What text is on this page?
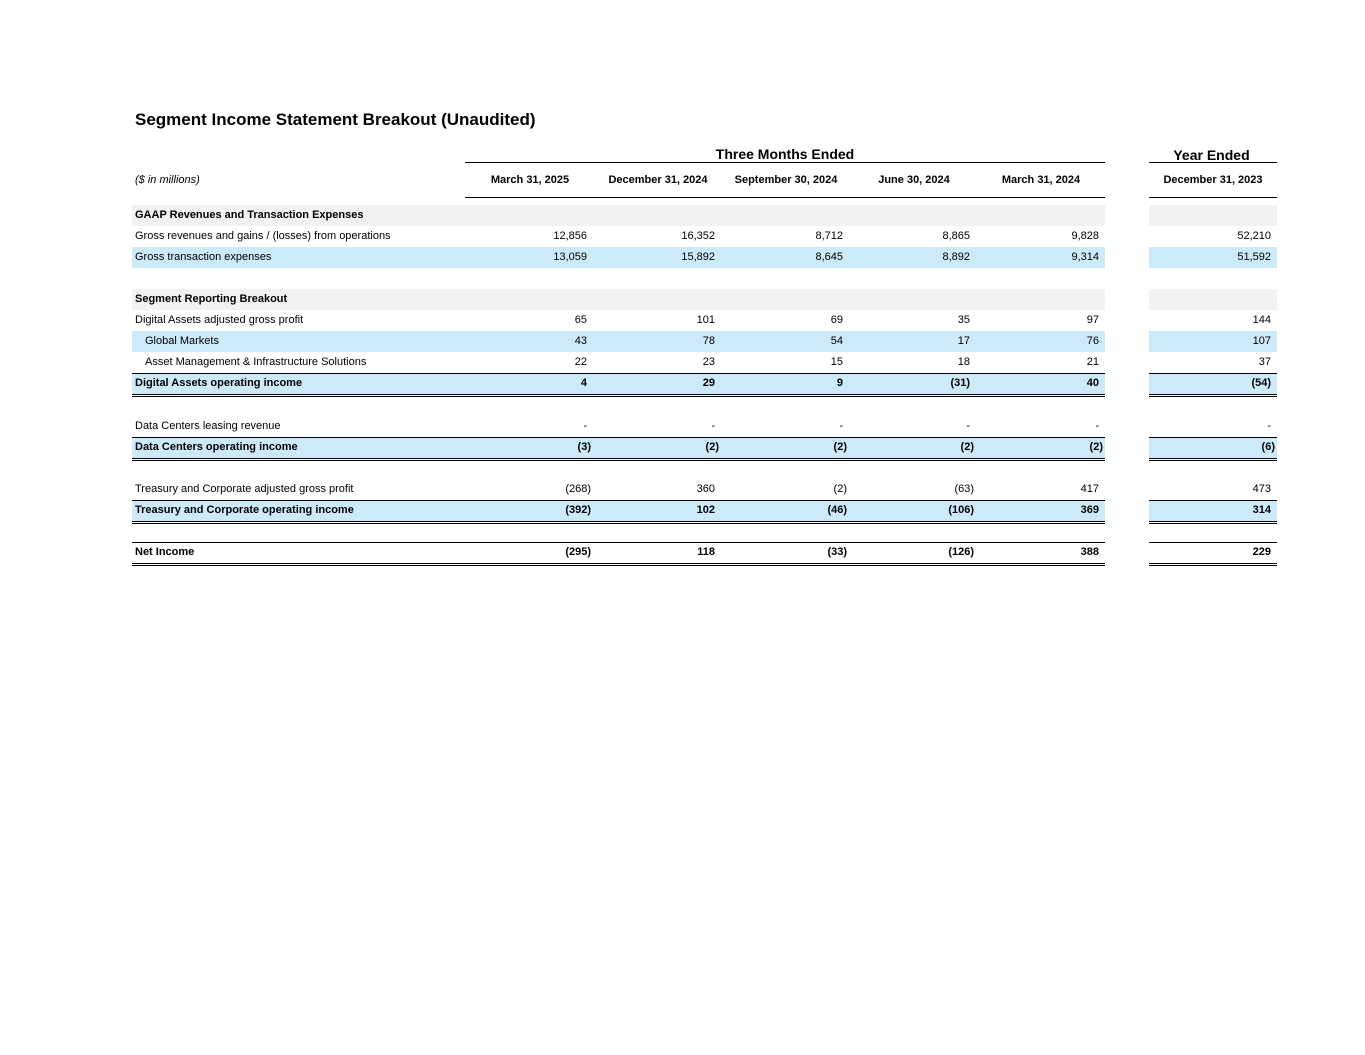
Segment Income Statement Breakout (Unaudited)
Three Months Ended	Year Ended
($ in millions)	March 31, 2025	December 31, 2024	September 30, 2024	June 30, 2024	March 31, 2024	December 31, 2023
GAAP Revenues and Transaction Expenses
Gross revenues and gains / (losses) from operations	12,856	16,352	8,712	8,865	9,828	52,210
Gross transaction expenses	13,059	15,892	8,645	8,892	9,314	51,592
Segment Reporting Breakout
Digital Assets adjusted gross profit	65	101	69	35	97	144
Global Markets	43	78	54	17	76	107
Asset Management & Infrastructure Solutions	22	23	15	18	21	37
Digital Assets operating income	4	29	9	(31)	40	(54)
Data Centers leasing revenue	-	-	-	-	-	-
Data Centers operating income	(3)	(2)	(2)	(2)	(2)	(6)
Treasury and Corporate adjusted gross profit	(268)	360	(2)	(63)	417	473
Treasury and Corporate operating income	(392)	102	(46)	(106)	369	314
Net Income	(295)	118	(33)	(126)	388	229
